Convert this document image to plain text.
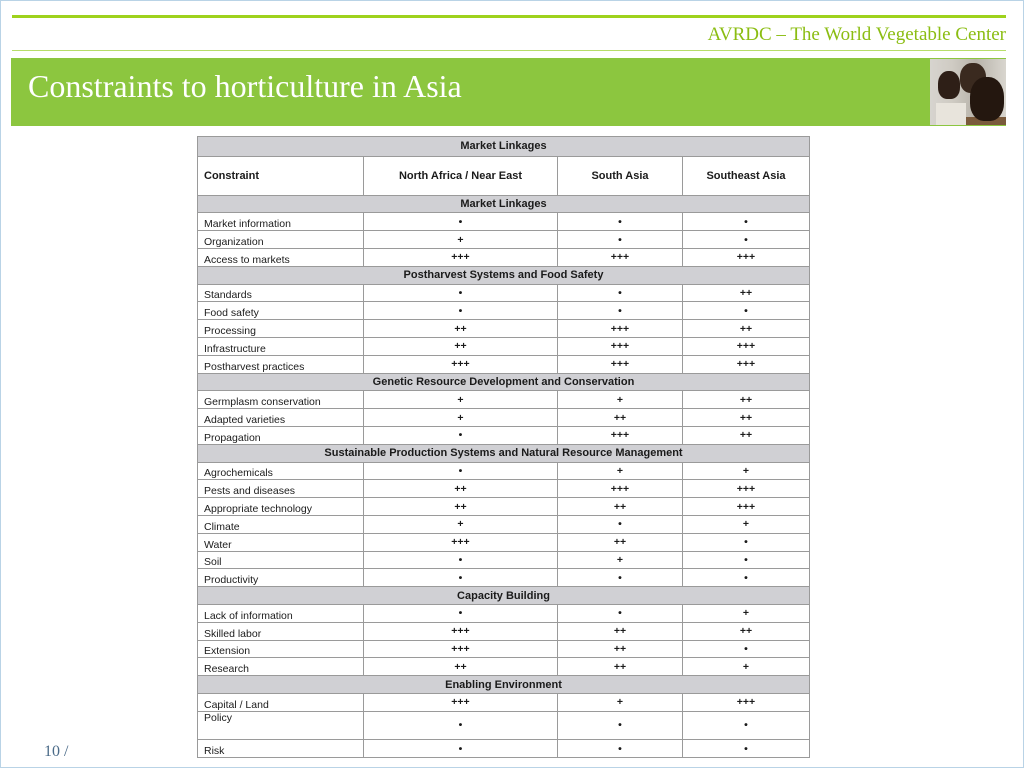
AVRDC – The World Vegetable Center
Constraints to horticulture in Asia
Market Linkages			
Constraint	North Africa / Near East	South Asia	Southeast Asia
Market Linkages			
Market information	•	•	•
Organization	+	•	•
Access to markets	+++	+++	+++
Postharvest Systems and Food Safety			
Standards	•	•	++
Food safety	•	•	•
Processing	++	+++	++
Infrastructure	++	+++	+++
Postharvest practices	+++	+++	+++
Genetic Resource Development and Conservation			
Germplasm conservation	+	+	++
Adapted varieties	+	++	++
Propagation	•	+++	++
Sustainable Production Systems and Natural Resource Management			
Agrochemicals	•	+	+
Pests and diseases	++	+++	+++
Appropriate technology	++	++	+++
Climate	+	•	+
Water	+++	++	•
Soil	•	+	•
Productivity	•	•	•
Capacity Building			
Lack of information	•	•	+
Skilled labor	+++	++	++
Extension	+++	++	•
Research	++	++	+
Enabling Environment			
Capital / Land	+++	+	+++
Policy	•	•	•
Risk	•	•	•
10 /
